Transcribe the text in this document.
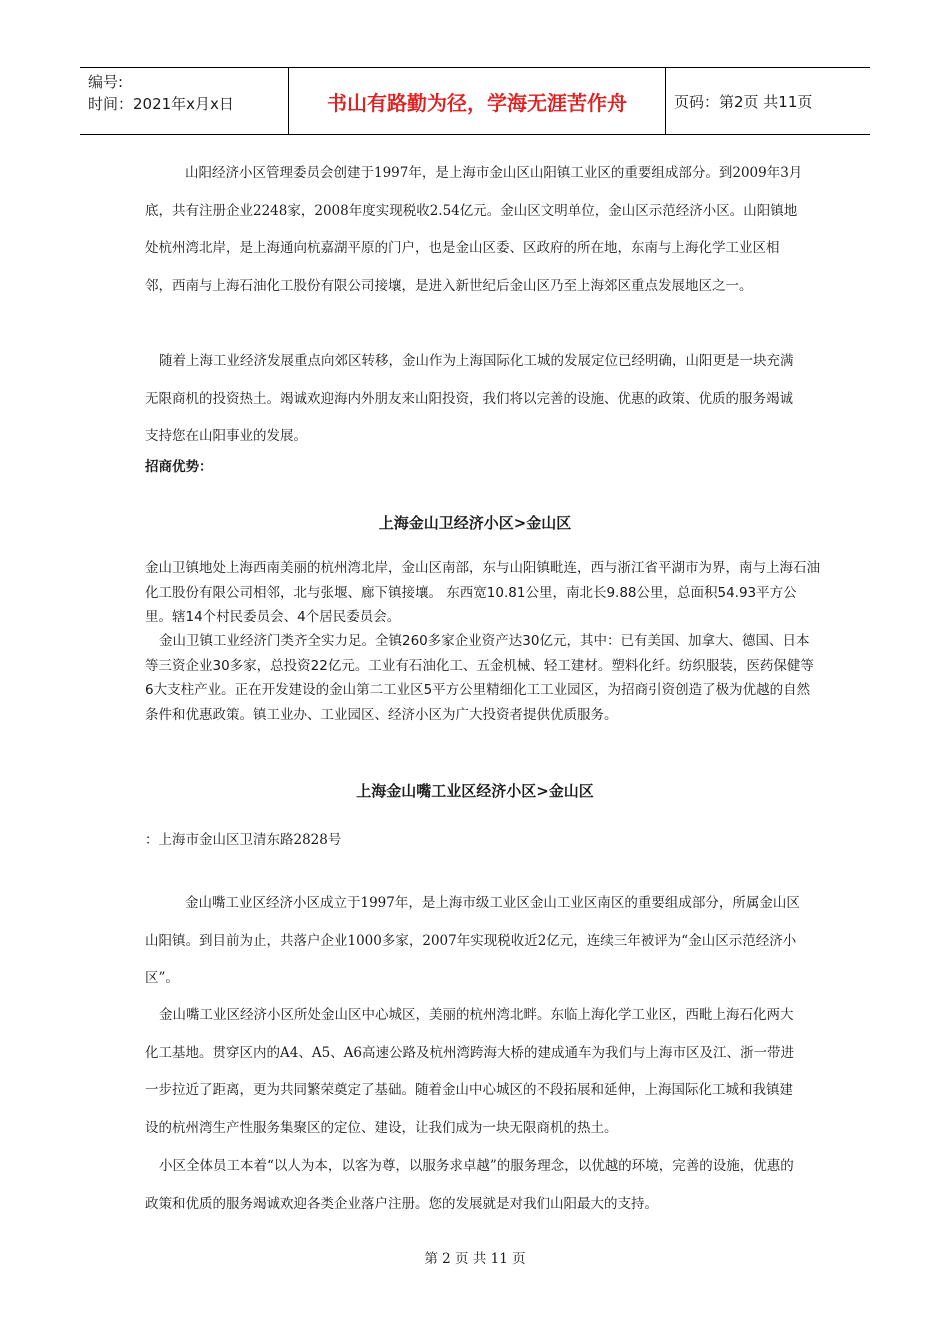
编号:
时间：2021年x月x日	书山有路勤为径，学海无涯苦作舟	页码：第2页 共11页
山阳经济小区管理委员会创建于1997年，是上海市金山区山阳镇工业区的重要组成部分。到2009年3月底，共有注册企业2248家，2008年度实现税收2.54亿元。金山区文明单位，金山区示范经济小区。山阳镇地处杭州湾北岸，是上海通向杭嘉湖平原的门户，也是金山区委、区政府的所在地，东南与上海化学工业区相邻，西南与上海石油化工股份有限公司接壤，是进入新世纪后金山区乃至上海郊区重点发展地区之一。
随着上海工业经济发展重点向郊区转移，金山作为上海国际化工城的发展定位已经明确，山阳更是一块充满无限商机的投资热土。竭诚欢迎海内外朋友来山阳投资，我们将以完善的设施、优惠的政策、优质的服务竭诚支持您在山阳事业的发展。
招商优势：
上海金山卫经济小区>金山区
金山卫镇地处上海西南美丽的杭州湾北岸，金山区南部，东与山阳镇毗连，西与浙江省平湖市为界，南与上海石油化工股份有限公司相邻，北与张堰、廊下镇接壤。 东西宽10.81公里，南北长9.88公里，总面积54.93平方公里。辖14个村民委员会、4个居民委员会。
金山卫镇工业经济门类齐全实力足。全镇260多家企业资产达30亿元，其中：已有美国、加拿大、德国、日本等三资企业30多家，总投资22亿元。工业有石油化工、五金机械、轻工建材。塑料化纤。纺织服装，医药保健等6大支柱产业。正在开发建设的金山第二工业区5平方公里精细化工工业园区，为招商引资创造了极为优越的自然条件和优惠政策。镇工业办、工业园区、经济小区为广大投资者提供优质服务。
上海金山嘴工业区经济小区>金山区
：上海市金山区卫清东路2828号
金山嘴工业区经济小区成立于1997年，是上海市级工业区金山工业区南区的重要组成部分，所属金山区山阳镇。到目前为止，共落户企业1000多家，2007年实现税收近2亿元，连续三年被评为“金山区示范经济小区”。
金山嘴工业区经济小区所处金山区中心城区，美丽的杭州湾北畔。东临上海化学工业区，西毗上海石化两大化工基地。贯穿区内的A4、A5、A6高速公路及杭州湾跨海大桥的建成通车为我们与上海市区及江、浙一带进一步拉近了距离，更为共同繁荣奠定了基础。随着金山中心城区的不段拓展和延伸，上海国际化工城和我镇建设的杭州湾生产性服务集聚区的定位、建设，让我们成为一块无限商机的热土。
小区全体员工本着“以人为本，以客为尊，以服务求卓越”的服务理念，以优越的环境，完善的设施，优惠的政策和优质的服务竭诚欢迎各类企业落户注册。您的发展就是对我们山阳最大的支持。
第 2 页 共 11 页
